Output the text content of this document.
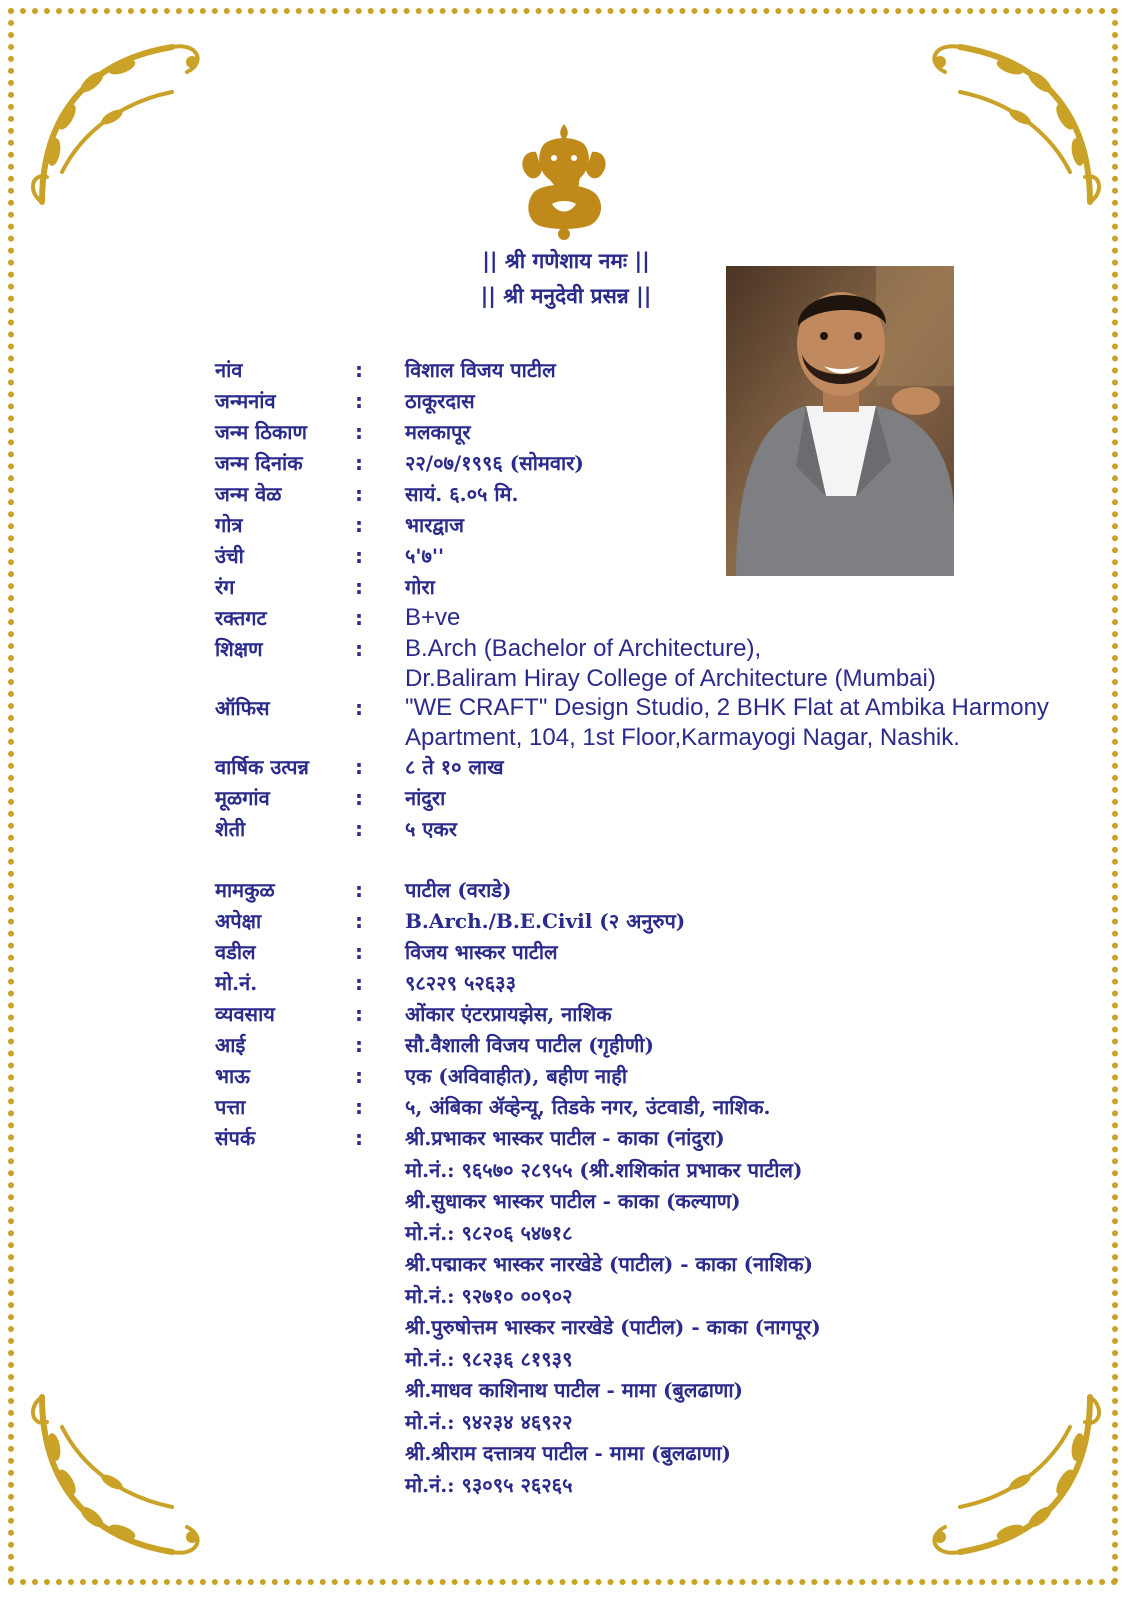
|| श्री गणेशाय नमः ||
|| श्री मनुदेवी प्रसन्न ||
नांव	:	विशाल विजय पाटील
जन्मनांव	:	ठाकूरदास
जन्म ठिकाण	:	मलकापूर
जन्म दिनांक	:	२२/०७/१९९६ (सोमवार)
जन्म वेळ	:	सायं. ६.०५ मि.
गोत्र	:	भारद्वाज
उंची	:	५'७''
रंग	:	गोरा
रक्तगट	:	B+ve
शिक्षण	:	B.Arch (Bachelor of Architecture),
Dr.Baliram Hiray College of Architecture (Mumbai)
ऑफिस	:	"WE CRAFT" Design Studio, 2 BHK Flat at Ambika Harmony
Apartment, 104, 1st Floor,Karmayogi Nagar, Nashik.
वार्षिक उत्पन्न	:	८ ते १० लाख
मूळगांव	:	नांदुरा
शेती	:	५ एकर
मामकुळ	:	पाटील (वराडे)
अपेक्षा	:	B.Arch./B.E.Civil (२ अनुरुप)
वडील	:	विजय भास्कर पाटील
मो.नं.	:	९८२२९ ५२६३३
व्यवसाय	:	ओंकार एंटरप्रायझेस, नाशिक
आई	:	सौ.वैशाली विजय पाटील (गृहीणी)
भाऊ	:	एक (अविवाहीत), बहीण नाही
पत्ता	:	५, अंबिका ॲव्हेन्यू, तिडके नगर, उंटवाडी, नाशिक.
संपर्क	:	श्री.प्रभाकर भास्कर पाटील - काका (नांदुरा)
मो.नं.: ९६५७० २८९५५ (श्री.शशिकांत प्रभाकर पाटील)
श्री.सुधाकर भास्कर पाटील - काका (कल्याण)
मो.नं.: ९८२०६ ५४७१८
श्री.पद्माकर भास्कर नारखेडे (पाटील) - काका (नाशिक)
मो.नं.: ९२७१० ००९०२
श्री.पुरुषोत्तम भास्कर नारखेडे (पाटील) - काका (नागपूर)
मो.नं.: ९८२३६ ८१९३९
श्री.माधव काशिनाथ पाटील - मामा (बुलढाणा)
मो.नं.: ९४२३४ ४६९२२
श्री.श्रीराम दत्तात्रय पाटील - मामा (बुलढाणा)
मो.नं.: ९३०९५ २६२६५
